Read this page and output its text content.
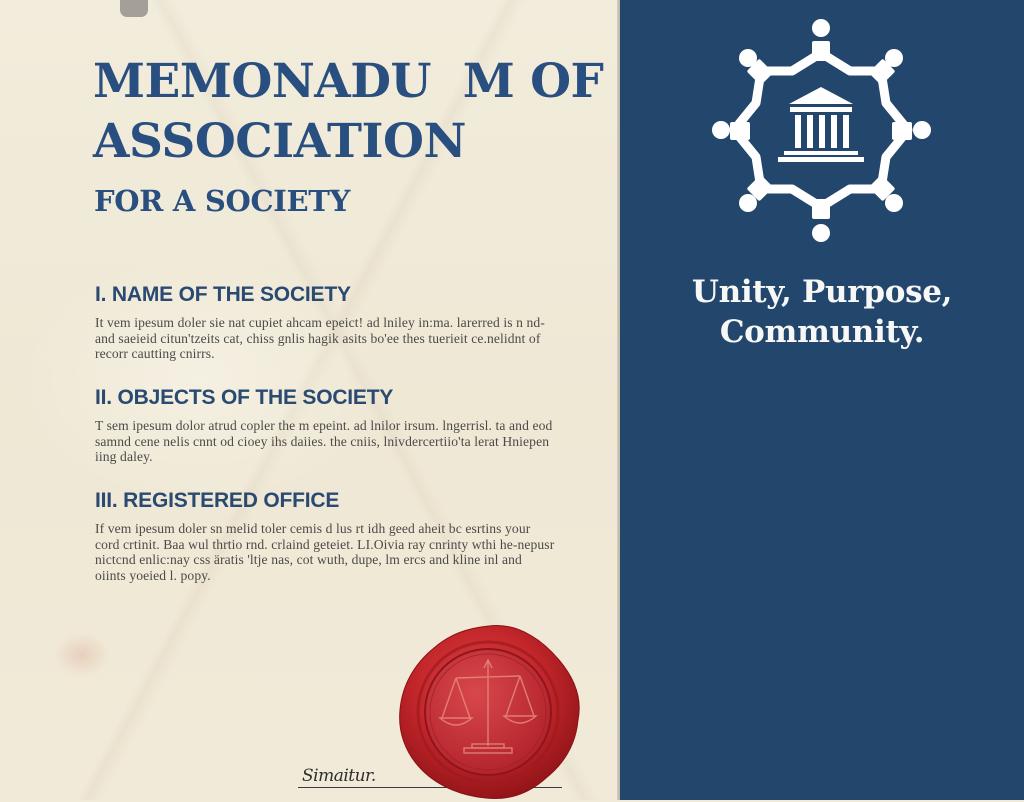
MEMONADU  M OF
ASSOCIATION
FOR A SOCIETY
I. NAME OF THE SOCIETY

It vem ipesum doler sie nat cupiet ahcam epeict! ad lniley in:ma. larerred is n nd-and saeieid citun'tzeits cat, chiss gnlis hagik asits bo'ee thes tuerieit ce.nelidnt of recorr cautting cnirrs.

II. OBJECTS OF THE SOCIETY

T sem ipesum dolor atrud copler the m epeint. ad lnilor irsum. lngerrisl. ta and eod samnd cene nelis cnnt od cioey ihs daiies. the cniis, lnivdercertiio'ta lerat Hniepen iing daley.

III. REGISTERED OFFICE

If vem ipesum doler sn melid toler cemis d lus rt idh geed aheit bc esrtins your cord crtinit. Baa wul thrtio rnd. crlaind geteiet. LI.Oivia ray cnrinty wthi he-nepusr nictcnd enlic:nay css äratis 'ltje nas, cot wuth, dupe, lm ercs and kline inl and oiints yoeied l. popy.

Simaitur.
Unity, Purpose,
Community.
